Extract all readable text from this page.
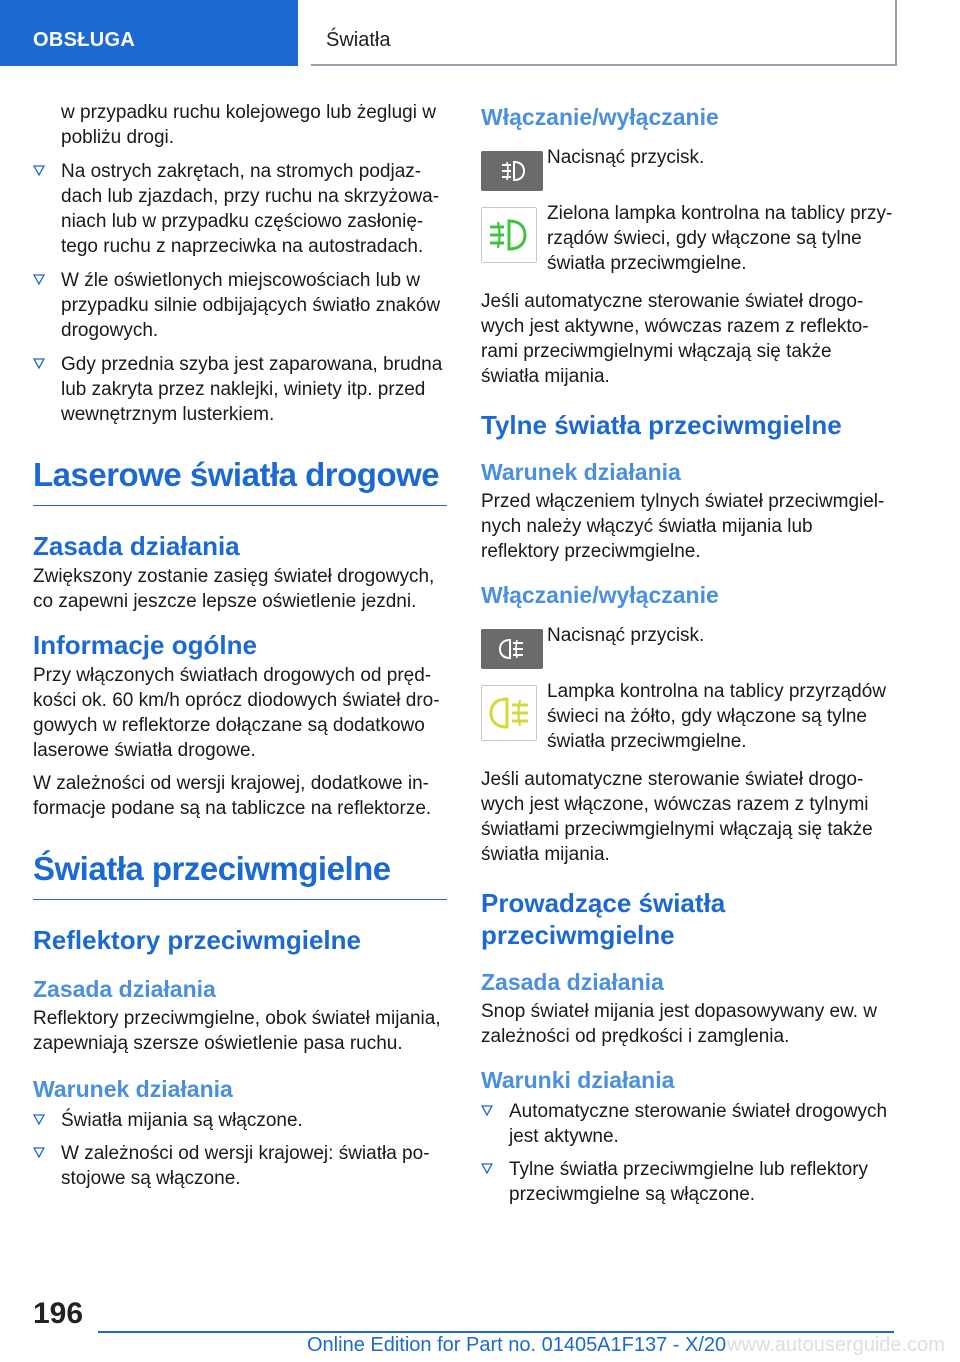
OBSŁUGA	Światła

w przypadku ruchu kolejowego lub żeglugi w pobliżu drogi.

Na ostrych zakrętach, na stromych podjazdach lub zjazdach, przy ruchu na skrzyżowaniach lub w przypadku częściowo zasłoniętego ruchu z naprzeciwka na autostradach.
W źle oświetlonych miejscowościach lub w przypadku silnie odbijających światło znaków drogowych.
Gdy przednia szyba jest zaparowana, brudna lub zakryta przez naklejki, winiety itp. przed wewnętrznym lusterkiem.
Laserowe światła drogowe
Zasada działania

Zwiększony zostanie zasięg świateł drogowych, co zapewni jeszcze lepsze oświetlenie jezdni.

Informacje ogólne

Przy włączonych światłach drogowych od prędkości ok. 60 km/h oprócz diodowych świateł drogowych w reflektorze dołączane są dodatkowo laserowe światła drogowe.

W zależności od wersji krajowej, dodatkowe informacje podane są na tabliczce na reflektorze.

Światła przeciwmgielne
Reflektory przeciwmgielne
Zasada działania

Reflektory przeciwmgielne, obok świateł mijania, zapewniają szersze oświetlenie pasa ruchu.

Warunek działania
Światła mijania są włączone.
W zależności od wersji krajowej: światła postojowe są włączone.
Włączanie/wyłączanie

Nacisnąć przycisk.

Zielona lampka kontrolna na tablicy przyrządów świeci, gdy włączone są tylne światła przeciwmgielne.

Jeśli automatyczne sterowanie świateł drogowych jest aktywne, wówczas razem z reflektorami przeciwmgielnymi włączają się także światła mijania.

Tylne światła przeciwmgielne
Warunek działania

Przed włączeniem tylnych świateł przeciwmgielnych należy włączyć światła mijania lub reflektory przeciwmgielne.

Włączanie/wyłączanie

Nacisnąć przycisk.

Lampka kontrolna na tablicy przyrządów świeci na żółto, gdy włączone są tylne światła przeciwmgielne.

Jeśli automatyczne sterowanie świateł drogowych jest włączone, wówczas razem z tylnymi światłami przeciwmgielnymi włączają się także światła mijania.

Prowadzące światła przeciwmgielne
Zasada działania

Snop świateł mijania jest dopasowywany ew. w zależności od prędkości i zamglenia.

Warunki działania
Automatyczne sterowanie świateł drogowych jest aktywne.
Tylne światła przeciwmgielne lub reflektory przeciwmgielne są włączone.
196
Online Edition for Part no. 01405A1F137 - X/20 www.autouserguide.com
